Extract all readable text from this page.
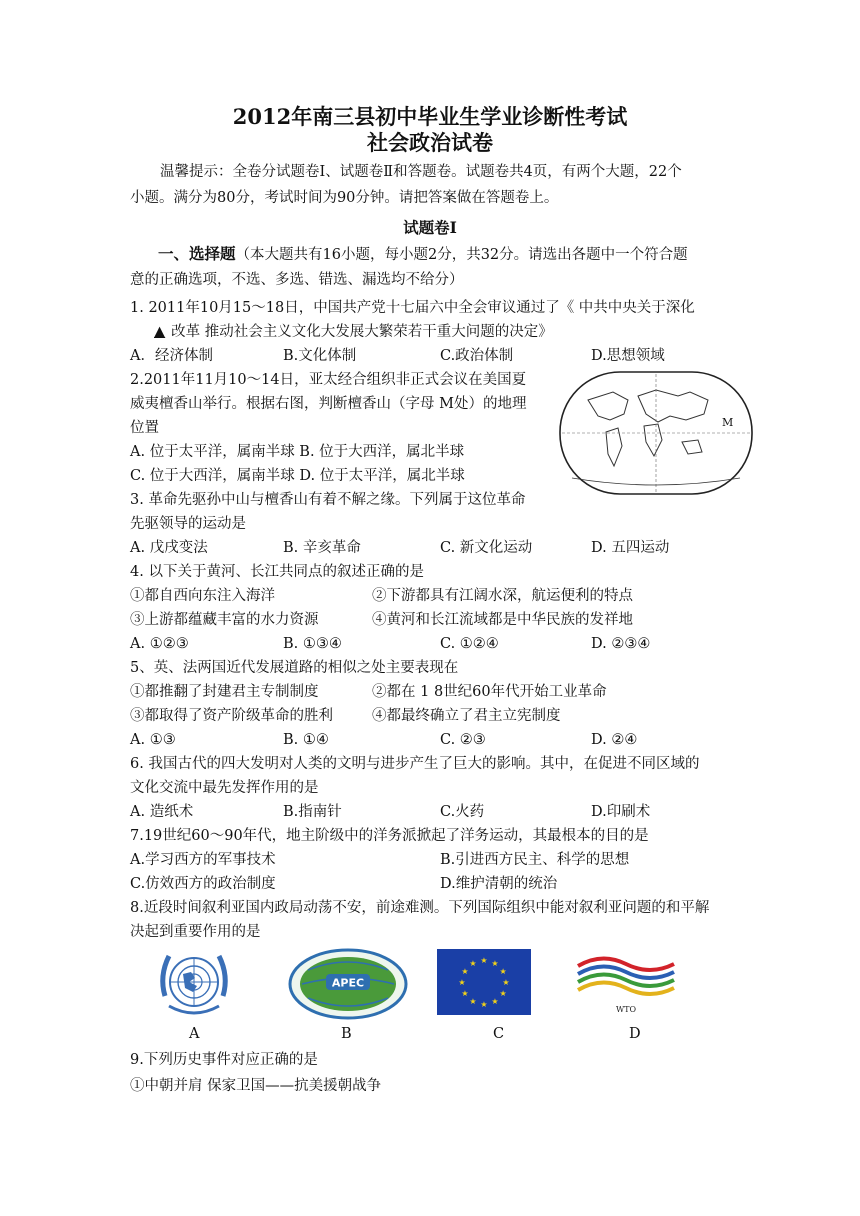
2012年南三县初中毕业生学业诊断性考试
社会政治试卷
温馨提示：全卷分试题卷Ⅰ、试题卷Ⅱ和答题卷。试题卷共4页，有两个大题，22个
小题。满分为80分，考试时间为90分钟。请把答案做在答题卷上。
试题卷Ⅰ
一、选择题（本大题共有16小题，每小题2分，共32分。请选出各题中一个符合题
意的正确选项，不选、多选、错选、漏选均不给分）
1. 2011年10月15～18日，中国共产党十七届六中全会审议通过了《 中共中央关于深化
▲ 改革 推动社会主义文化大发展大繁荣若干重大问题的决定》
A．经济体制	B.文化体制	C.政治体制	D.思想领域
2.2011年11月10～14日，亚太经合组织非正式会议在美国夏
威夷檀香山举行。根据右图，判断檀香山（字母 M处）的地理
位置
A. 位于太平洋，属南半球 B. 位于大西洋，属北半球
C. 位于大西洋，属南半球 D. 位于太平洋，属北半球
M
3. 革命先驱孙中山与檀香山有着不解之缘。下列属于这位革命
先驱领导的运动是
A. 戊戌变法	B. 辛亥革命	C. 新文化运动	D. 五四运动
4. 以下关于黄河、长江共同点的叙述正确的是
①都自西向东注入海洋	②下游都具有江阔水深，航运便利的特点
③上游都蕴藏丰富的水力资源	④黄河和长江流域都是中华民族的发祥地
A. ①②③	B. ①③④	C. ①②④	D. ②③④
5、英、法两国近代发展道路的相似之处主要表现在
①都推翻了封建君主专制制度	②都在 1 8世纪60年代开始工业革命
③都取得了资产阶级革命的胜利	④都最终确立了君主立宪制度
A. ①③	B. ①④	C. ②③	D. ②④
6. 我国古代的四大发明对人类的文明与进步产生了巨大的影响。其中，在促进不同区域的
文化交流中最先发挥作用的是
A. 造纸术	B.指南针	C.火药	D.印刷术
7.19世纪60～90年代，地主阶级中的洋务派掀起了洋务运动，其最根本的目的是
A.学习西方的军事技术	B.引进西方民主、科学的思想
C.仿效西方的政治制度	D.维护清朝的统治
8.近段时间叙利亚国内政局动荡不安，前途难测。下列国际组织中能对叙利亚问题的和平解
决起到重要作用的是
APEC
★ ★
★
★
★
★
★
★
★
★
★
★
WTO
A	B	C	D
9.下列历史事件对应正确的是
①中朝并肩 保家卫国——抗美援朝战争
